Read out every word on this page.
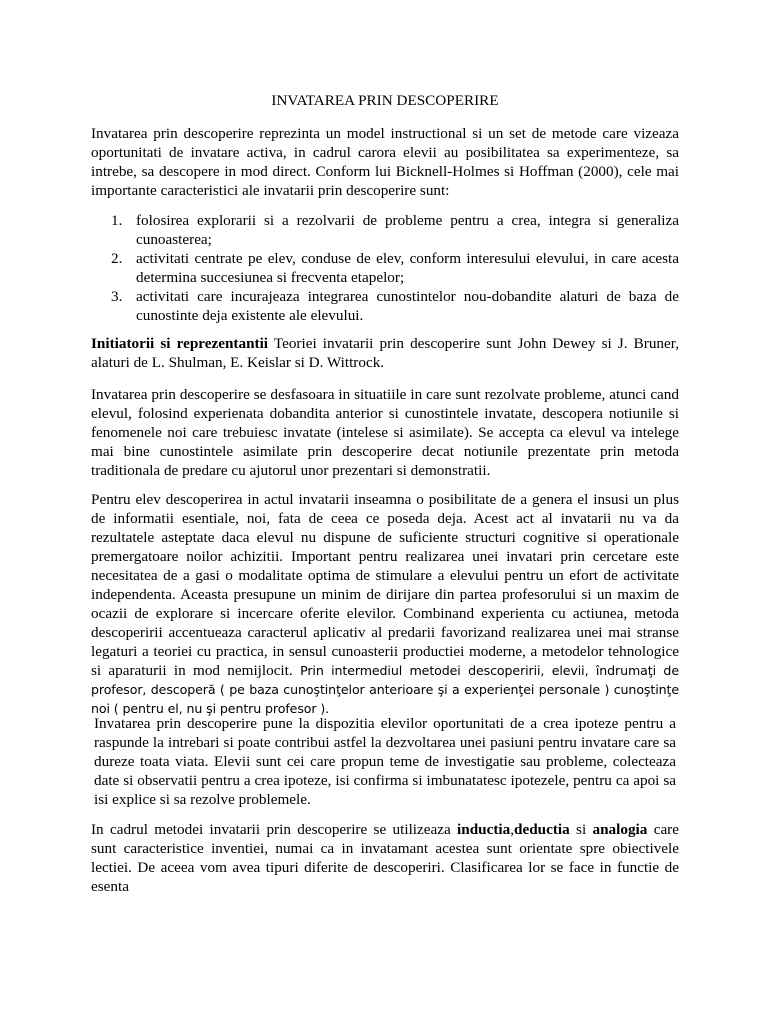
INVATAREA PRIN DESCOPERIRE

Invatarea prin descoperire reprezinta un model instructional si un set de metode care vizeaza oportunitati de invatare activa, in cadrul carora elevii au posibilitatea sa experimenteze, sa intrebe, sa descopere in mod direct. Conform lui Bicknell-Holmes si Hoffman (2000), cele mai importante caracteristici ale invatarii prin descoperire sunt:

1. folosirea explorarii si a rezolvarii de probleme pentru a crea, integra si generaliza cunoasterea;
2. activitati centrate pe elev, conduse de elev, conform interesului elevului, in care acesta determina succesiunea si frecventa etapelor;
3. activitati care incurajeaza integrarea cunostintelor nou-dobandite alaturi de baza de cunostinte deja existente ale elevului.

Initiatorii si reprezentantii Teoriei invatarii prin descoperire sunt John Dewey si J. Bruner, alaturi de L. Shulman, E. Keislar si D. Wittrock.

Invatarea prin descoperire se desfasoara in situatiile in care sunt rezolvate probleme, atunci cand elevul, folosind experienata dobandita anterior si cunostintele invatate, descopera notiunile si fenomenele noi care trebuiesc invatate (intelese si asimilate). Se accepta ca elevul va intelege mai bine cunostintele asimilate prin descoperire decat notiunile prezentate prin metoda traditionala de predare cu ajutorul unor prezentari si demonstratii.

Pentru elev descoperirea in actul invatarii inseamna o posibilitate de a genera el insusi un plus de informatii esentiale, noi, fata de ceea ce poseda deja. Acest act al invatarii nu va da rezultatele asteptate daca elevul nu dispune de suficiente structuri cognitive si operationale premergatoare noilor achizitii. Important pentru realizarea unei invatari prin cercetare este necesitatea de a gasi o modalitate optima de stimulare a elevului pentru un efort de activitate independenta. Aceasta presupune un minim de dirijare din partea profesorului si un maxim de ocazii de explorare si incercare oferite elevilor. Combinand experienta cu actiunea, metoda descoperirii accentueaza caracterul aplicativ al predarii favorizand realizarea unei mai stranse legaturi a teoriei cu practica, in sensul cunoasterii productiei moderne, a metodelor tehnologice si aparaturii in mod nemijlocit. Prin intermediul metodei descoperirii, elevii, îndrumaţi de profesor, descoperă ( pe baza cunoştinţelor anterioare şi a experienţei personale ) cunoştinţe noi ( pentru el, nu şi pentru profesor ).

Invatarea prin descoperire pune la dispozitia elevilor oportunitati de a crea ipoteze pentru a raspunde la intrebari si poate contribui astfel la dezvoltarea unei pasiuni pentru invatare care sa dureze toata viata. Elevii sunt cei care propun teme de investigatie sau probleme, colecteaza date si observatii pentru a crea ipoteze, isi confirma si imbunatatesc ipotezele, pentru ca apoi sa isi explice si sa rezolve problemele.

In cadrul metodei invatarii prin descoperire se utilizeaza inductia,deductia si analogia care sunt caracteristice inventiei, numai ca in invatamant acestea sunt orientate spre obiectivele lectiei. De aceea vom avea tipuri diferite de descoperiri. Clasificarea lor se face in functie de esenta
